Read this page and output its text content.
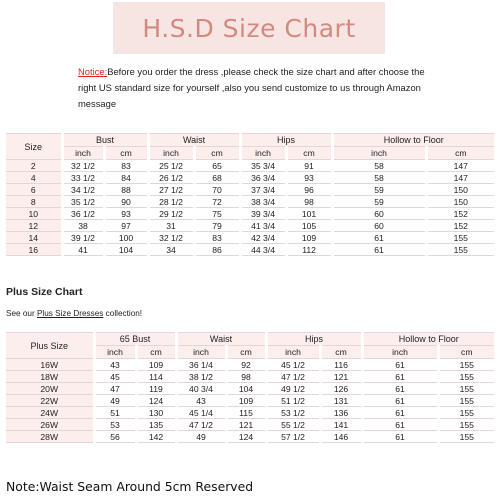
H.S.D Size Chart
Notice:Before you order the dress ,please check the size chart and after choose the right US standard size for yourself ,also you send customize to us through Amazon message
Size	Bust		Waist		Hips		Hollow to Floor	
	inch	cm	inch	cm	inch	cm	inch	cm
2	32 1/2	83	25 1/2	65	35 3/4	91	58	147
4	33 1/2	84	26 1/2	68	36 3/4	93	58	147
6	34 1/2	88	27 1/2	70	37 3/4	96	59	150
8	35 1/2	90	28 1/2	72	38 3/4	98	59	150
10	36 1/2	93	29 1/2	75	39 3/4	101	60	152
12	38	97	31	79	41 3/4	105	60	152
14	39 1/2	100	32 1/2	83	42 3/4	109	61	155
16	41	104	34	86	44 3/4	112	61	155
Plus Size Chart
See our Plus Size Dresses collection!
Plus Size	65 Bust		Waist		Hips		Hollow to Floor	
	inch	cm	inch	cm	inch	cm	inch	cm
16W	43	109	36 1/4	92	45 1/2	116	61	155
18W	45	114	38 1/2	98	47 1/2	121	61	155
20W	47	119	40 3/4	104	49 1/2	126	61	155
22W	49	124	43	109	51 1/2	131	61	155
24W	51	130	45 1/4	115	53 1/2	136	61	155
26W	53	135	47 1/2	121	55 1/2	141	61	155
28W	56	142	49	124	57 1/2	146	61	155
Note:Waist Seam Around 5cm Reserved
